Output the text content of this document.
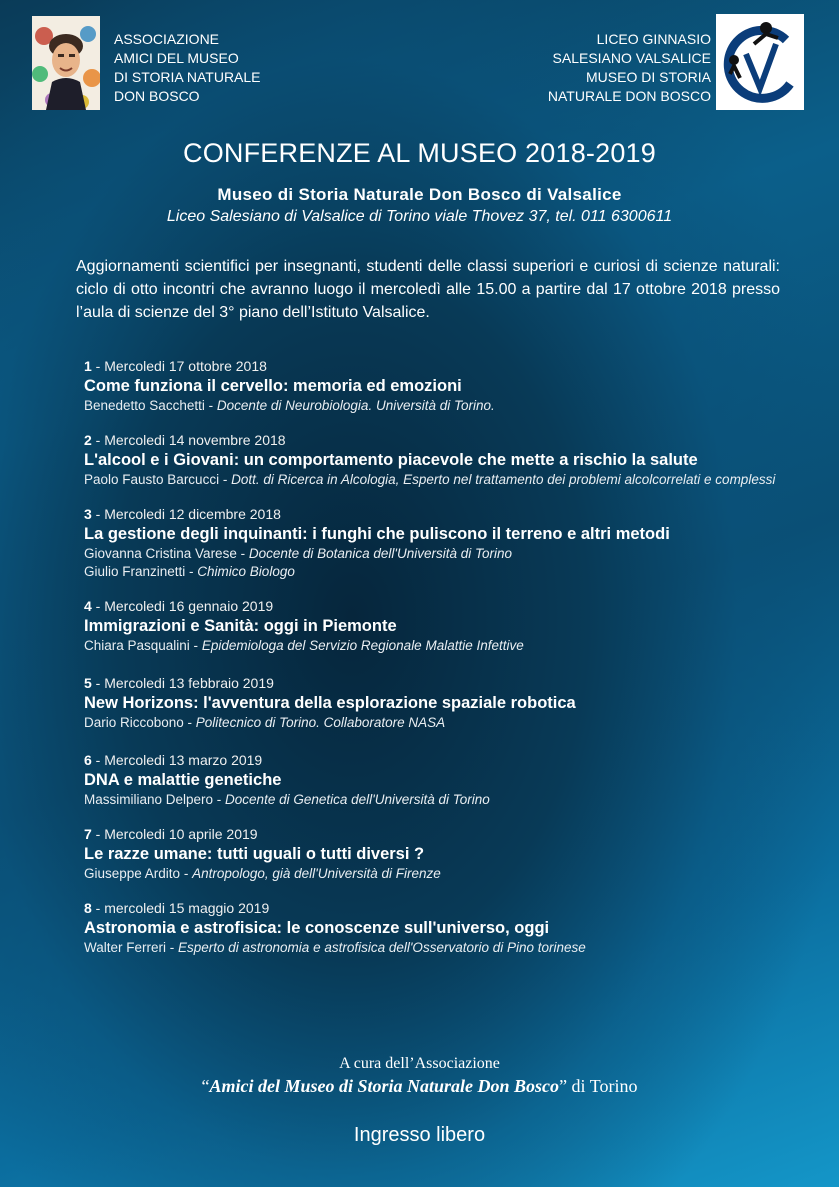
ASSOCIAZIONE
AMICI DEL MUSEO
DI STORIA NATURALE
DON BOSCO
LICEO GINNASIO
SALESIANO VALSALICE
MUSEO DI STORIA
NATURALE DON BOSCO
CONFERENZE AL MUSEO 2018-2019
Museo di Storia Naturale Don Bosco di Valsalice
Liceo Salesiano di Valsalice di Torino viale Thovez 37, tel. 011 6300611
Aggiornamenti scientifici per insegnanti, studenti delle classi superiori e curiosi di scienze naturali: ciclo di otto incontri che avranno luogo il mercoledì alle 15.00 a partire dal 17 ottobre 2018 presso l’aula di scienze del 3° piano dell’Istituto Valsalice.
1 - Mercoledi 17 ottobre 2018
Come funziona il cervello: memoria ed emozioni
Benedetto Sacchetti - Docente di Neurobiologia. Università di Torino.
2 - Mercoledi 14 novembre 2018
L'alcool e i Giovani: un comportamento piacevole che mette a rischio la salute
Paolo Fausto Barcucci - Dott. di Ricerca in Alcologia, Esperto nel trattamento dei problemi alcolcorrelati e complessi
3 - Mercoledi 12 dicembre 2018
La gestione degli inquinanti: i funghi che puliscono il terreno e altri metodi
Giovanna Cristina Varese - Docente di Botanica dell'Università di Torino
Giulio Franzinetti - Chimico Biologo
4 - Mercoledi 16 gennaio 2019
Immigrazioni e Sanità: oggi in Piemonte
Chiara Pasqualini - Epidemiologa del Servizio Regionale Malattie Infettive
5 - Mercoledi 13 febbraio 2019
New Horizons: l'avventura della esplorazione spaziale robotica
Dario Riccobono - Politecnico di Torino. Collaboratore NASA
6 - Mercoledi 13 marzo 2019
DNA e malattie genetiche
Massimiliano Delpero - Docente di Genetica dell'Università di Torino
7 - Mercoledi 10 aprile 2019
Le razze umane: tutti uguali o tutti diversi ?
Giuseppe Ardito - Antropologo, già dell'Università di Firenze
8 - mercoledi 15 maggio 2019
Astronomia e astrofisica: le conoscenze sull'universo, oggi
Walter Ferreri - Esperto di astronomia e astrofisica dell'Osservatorio di Pino torinese
A cura dell’Associazione
“Amici del Museo di Storia Naturale Don Bosco” di Torino
Ingresso libero
